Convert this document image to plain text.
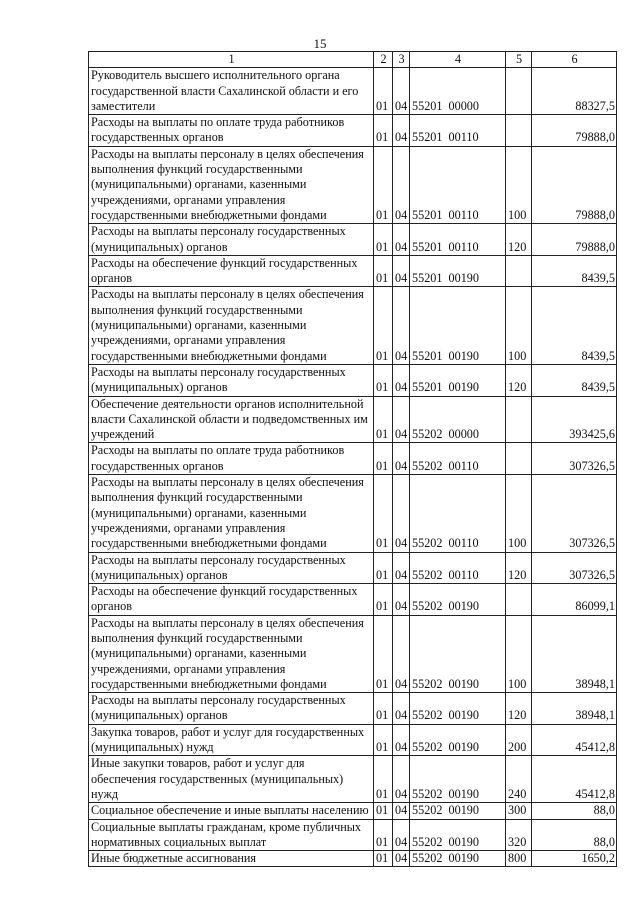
15
1	2	3	4	5	6
Руководитель высшего исполнительного органа государственной власти Сахалинской области и его заместители	01	04	55201 00000		88327,5
Расходы на выплаты по оплате труда работников государственных органов	01	04	55201 00110		79888,0
Расходы на выплаты персоналу в целях обеспечения выполнения функций государственными (муниципальными) органами, казенными учреждениями, органами управления государственными внебюджетными фондами	01	04	55201 00110	100	79888,0
Расходы на выплаты персоналу государственных (муниципальных) органов	01	04	55201 00110	120	79888,0
Расходы на обеспечение функций государственных органов	01	04	55201 00190		8439,5
Расходы на выплаты персоналу в целях обеспечения выполнения функций государственными (муниципальными) органами, казенными учреждениями, органами управления государственными внебюджетными фондами	01	04	55201 00190	100	8439,5
Расходы на выплаты персоналу государственных (муниципальных) органов	01	04	55201 00190	120	8439,5
Обеспечение деятельности органов исполнительной власти Сахалинской области и подведомственных им учреждений	01	04	55202 00000		393425,6
Расходы на выплаты по оплате труда работников государственных органов	01	04	55202 00110		307326,5
Расходы на выплаты персоналу в целях обеспечения выполнения функций государственными (муниципальными) органами, казенными учреждениями, органами управления государственными внебюджетными фондами	01	04	55202 00110	100	307326,5
Расходы на выплаты персоналу государственных (муниципальных) органов	01	04	55202 00110	120	307326,5
Расходы на обеспечение функций государственных органов	01	04	55202 00190		86099,1
Расходы на выплаты персоналу в целях обеспечения выполнения функций государственными (муниципальными) органами, казенными учреждениями, органами управления государственными внебюджетными фондами	01	04	55202 00190	100	38948,1
Расходы на выплаты персоналу государственных (муниципальных) органов	01	04	55202 00190	120	38948,1
Закупка товаров, работ и услуг для государственных (муниципальных) нужд	01	04	55202 00190	200	45412,8
Иные закупки товаров, работ и услуг для обеспечения государственных (муниципальных) нужд	01	04	55202 00190	240	45412,8
Социальное обеспечение и иные выплаты населению	01	04	55202 00190	300	88,0
Социальные выплаты гражданам, кроме публичных нормативных социальных выплат	01	04	55202 00190	320	88,0
Иные бюджетные ассигнования	01	04	55202 00190	800	1650,2
